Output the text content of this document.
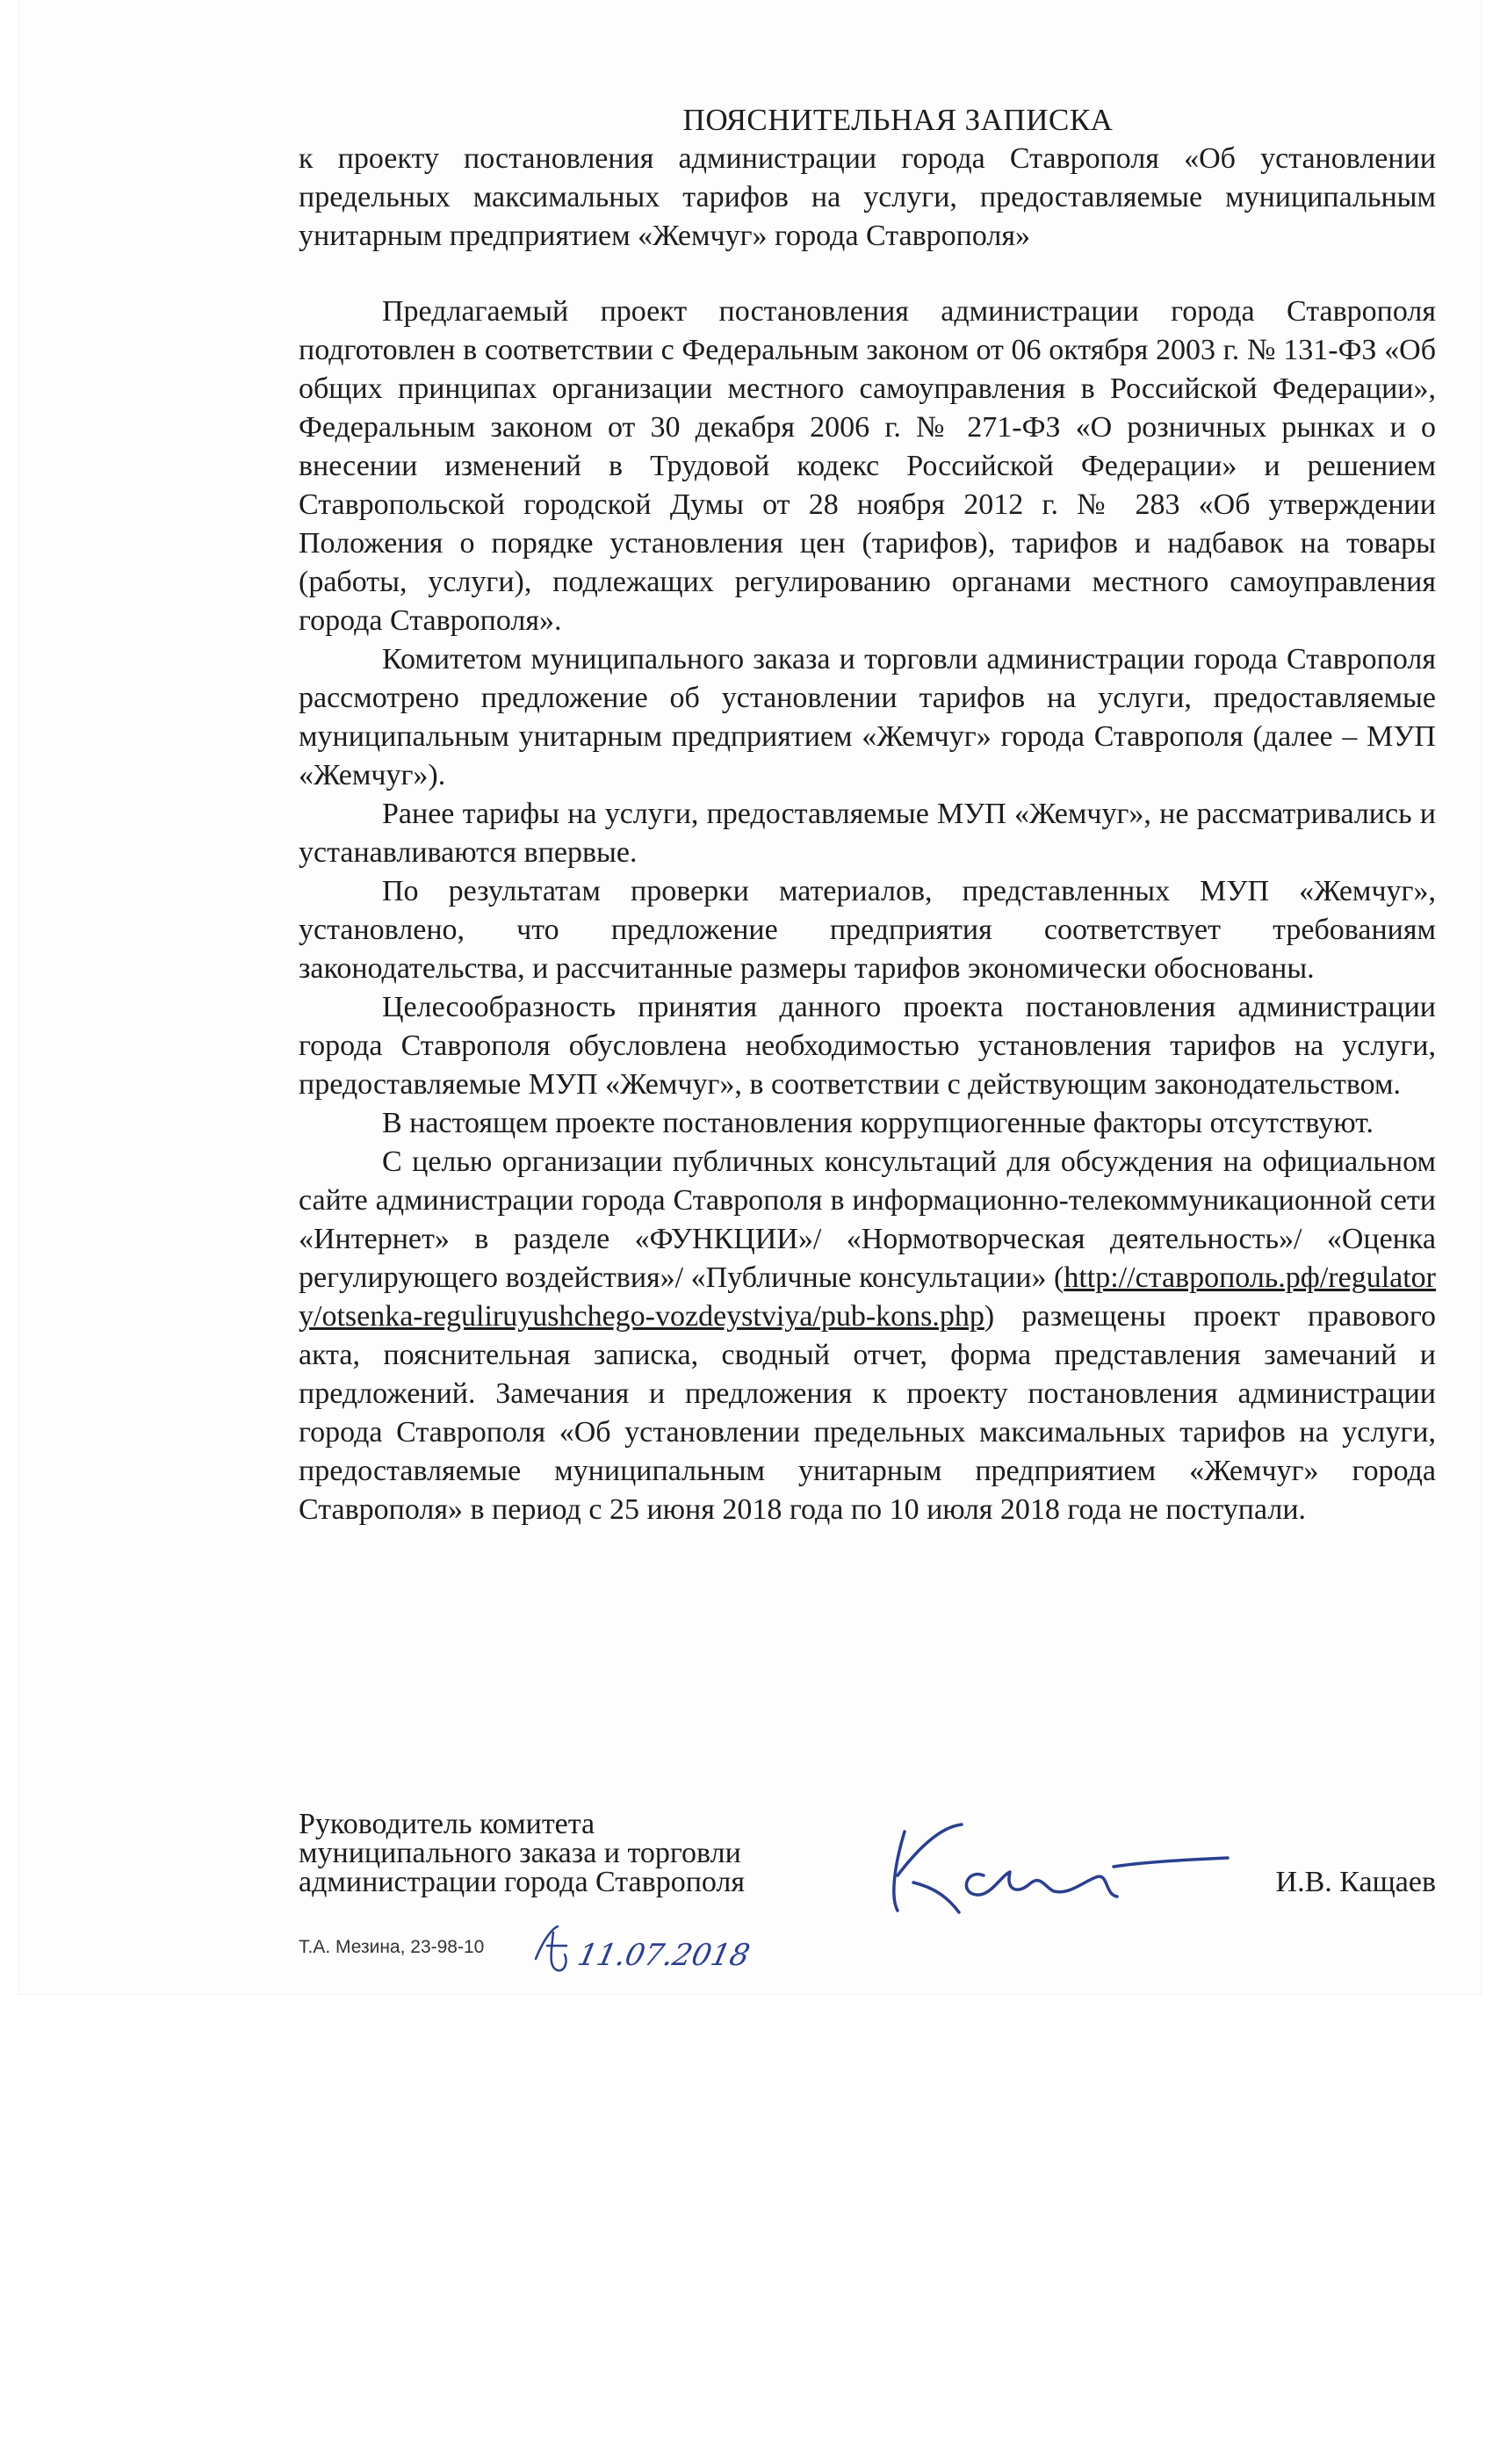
ПОЯСНИТЕЛЬНАЯ ЗАПИСКА

к проекту постановления администрации города Ставрополя «Об установлении предельных максимальных тарифов на услуги, предоставляемые муниципальным унитарным предприятием «Жемчуг» города Ставрополя»

Предлагаемый проект постановления администрации города Ставрополя подготовлен в соответствии с Федеральным законом от 06 октября 2003 г. № 131-ФЗ «Об общих принципах организации местного самоуправления в Российской Федерации», Федеральным законом от 30 декабря 2006 г. № 271-ФЗ «О розничных рынках и о внесении изменений в Трудовой кодекс Российской Федерации» и решением Ставропольской городской Думы от 28 ноября 2012 г. № 283 «Об утверждении Положения о порядке установления цен (тарифов), тарифов и надбавок на товары (работы, услуги), подлежащих регулированию органами местного самоуправления города Ставрополя».

Комитетом муниципального заказа и торговли администрации города Ставрополя рассмотрено предложение об установлении тарифов на услуги, предоставляемые муниципальным унитарным предприятием «Жемчуг» города Ставрополя (далее – МУП «Жемчуг»).

Ранее тарифы на услуги, предоставляемые МУП «Жемчуг», не рассматривались и устанавливаются впервые.

По результатам проверки материалов, представленных МУП «Жемчуг», установлено, что предложение предприятия соответствует требованиям законодательства, и рассчитанные размеры тарифов экономически обоснованы.

Целесообразность принятия данного проекта постановления администрации города Ставрополя обусловлена необходимостью установления тарифов на услуги, предоставляемые МУП «Жемчуг», в соответствии с действующим законодательством.

В настоящем проекте постановления коррупциогенные факторы отсутствуют.

С целью организации публичных консультаций для обсуждения на официальном сайте администрации города Ставрополя в информационно-телекоммуникационной сети «Интернет» в разделе «ФУНКЦИИ»/ «Нормотворческая деятельность»/ «Оценка регулирующего воздействия»/ «Публичные консультации» (http://ставрополь.рф/regulatory/otsenka-reguliruyushchego-vozdeystviya/pub-kons.php) размещены проект правового акта, пояснительная записка, сводный отчет, форма представления замечаний и предложений. Замечания и предложения к проекту постановления администрации города Ставрополя «Об установлении предельных максимальных тарифов на услуги, предоставляемые муниципальным унитарным предприятием «Жемчуг» города Ставрополя» в период с 25 июня 2018 года по 10 июля 2018 года не поступали.

Руководитель комитета
муниципального заказа и торговли
администрации города Ставрополя	И.В. Кащаев
Т.А. Мезина, 23-98-10	11.07.2018
